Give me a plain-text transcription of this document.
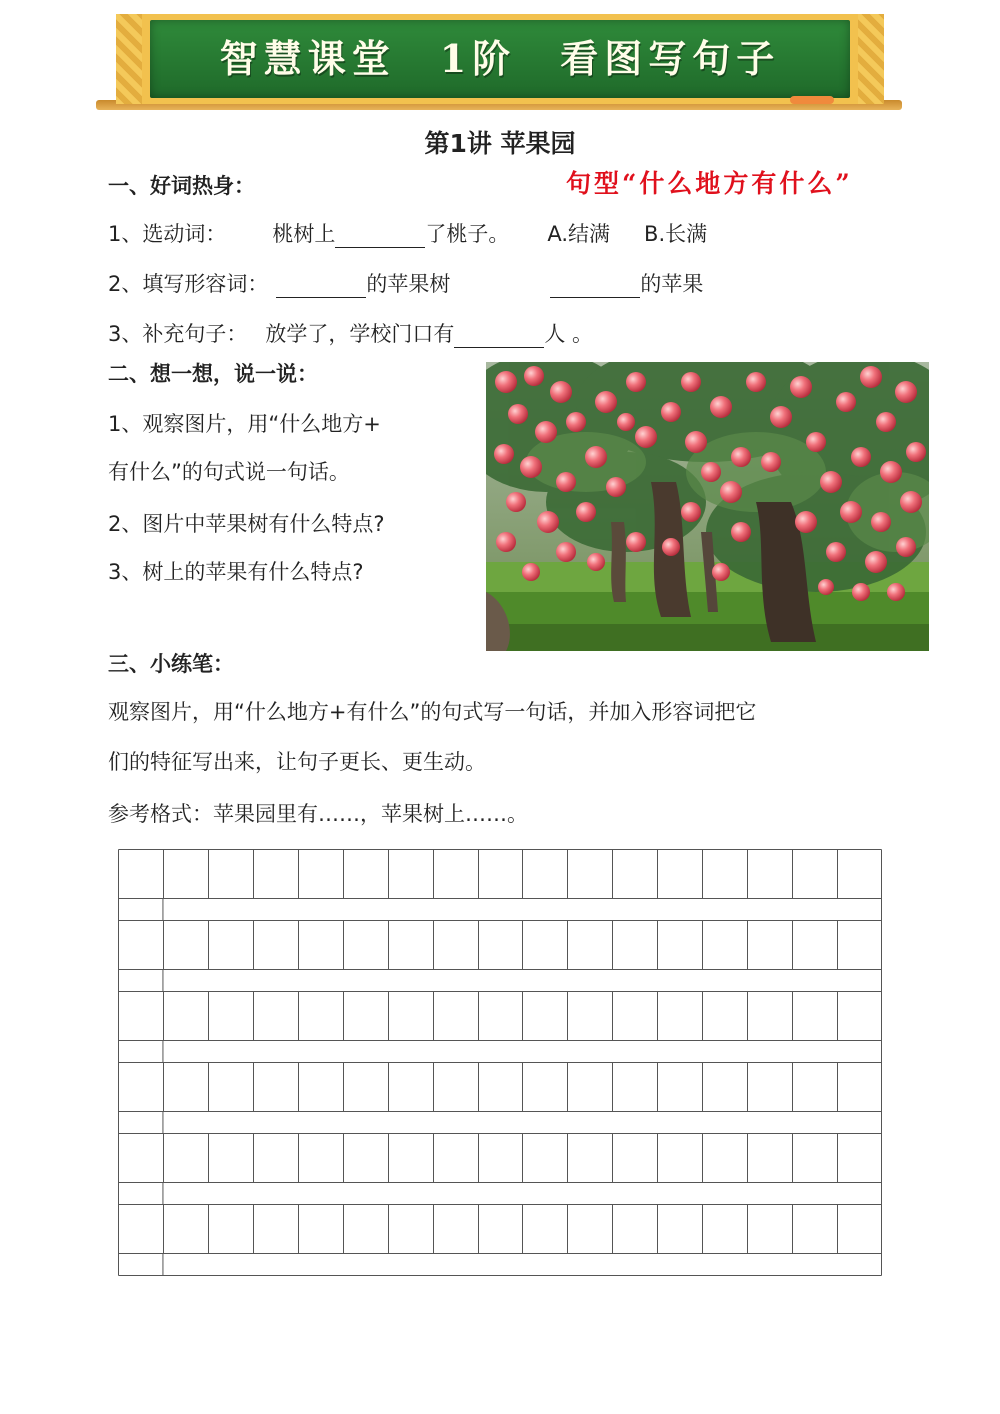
智慧课堂　1阶　看图写句子
第1讲 苹果园
句型“什么地方有什么”
一、好词热身：
1、选动词： 桃树上	了桃子。 A.结满 B.长满
2、填写形容词：	的苹果树	的苹果
3、补充句子： 放学了，学校门口有	人 。
二、想一想，说一说：
1、观察图片，用“什么地方+
有什么”的句式说一句话。
2、图片中苹果树有什么特点?
3、树上的苹果有什么特点?
三、小练笔：
观察图片，用“什么地方+有什么”的句式写一句话，并加入形容词把它
们的特征写出来，让句子更长、更生动。
参考格式：苹果园里有……，苹果树上……。
